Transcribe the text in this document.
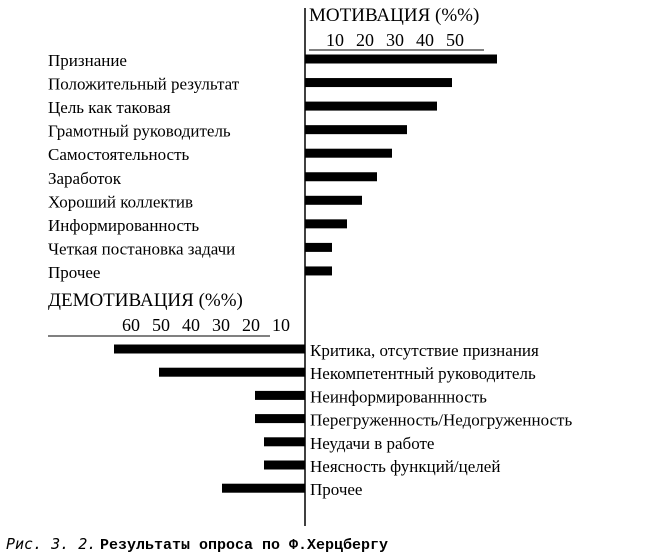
МОТИВАЦИЯ (%%)
10 20 30 40 50
Признание
Положительный результат
Цель как таковая
Грамотный руководитель
Самостоятельность
Заработок
Хороший коллектив
Информированность
Четкая постановка задачи
Прочее
ДЕМОТИВАЦИЯ (%%)
60 50 40 30 20 10
Критика, отсутствие признания
Некомпетентный руководитель
Неинформированнность
Перегруженность/Недогруженность
Неудачи в работе
Неясность функций/целей
Прочее
Рис. 3. 2. Результаты опроса по Ф.Херцбергу
